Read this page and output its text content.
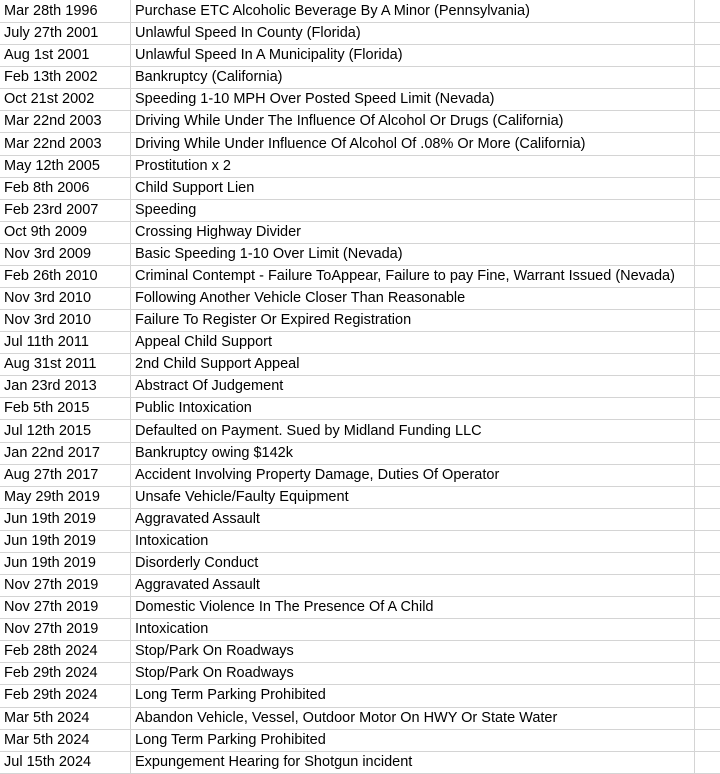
Mar 28th 1996	Purchase ETC Alcoholic Beverage By A Minor (Pennsylvania)	
July 27th 2001	Unlawful Speed In County (Florida)	
Aug 1st 2001	Unlawful Speed In A Municipality (Florida)	
Feb 13th 2002	Bankruptcy (California)	
Oct 21st 2002	Speeding 1-10 MPH Over Posted Speed Limit (Nevada)	
Mar 22nd 2003	Driving While Under The Influence Of Alcohol Or Drugs (California)	
Mar 22nd 2003	Driving While Under Influence Of Alcohol Of .08% Or More (California)	
May 12th 2005	Prostitution x 2	
Feb 8th 2006	Child Support Lien	
Feb 23rd 2007	Speeding	
Oct 9th 2009	Crossing Highway Divider	
Nov 3rd 2009	Basic Speeding 1-10 Over Limit (Nevada)	
Feb 26th 2010	Criminal Contempt - Failure ToAppear, Failure to pay Fine, Warrant Issued (Nevada)	
Nov 3rd 2010	Following Another Vehicle Closer Than Reasonable	
Nov 3rd 2010	Failure To Register Or Expired Registration	
Jul 11th 2011	Appeal Child Support	
Aug 31st 2011	2nd Child Support Appeal	
Jan 23rd 2013	Abstract Of Judgement	
Feb 5th 2015	Public Intoxication	
Jul 12th 2015	Defaulted on Payment. Sued by Midland Funding LLC	
Jan 22nd 2017	Bankruptcy owing $142k	
Aug 27th 2017	Accident Involving Property Damage, Duties Of Operator	
May 29th 2019	Unsafe Vehicle/Faulty Equipment	
Jun 19th 2019	Aggravated Assault	
Jun 19th 2019	Intoxication	
Jun 19th 2019	Disorderly Conduct	
Nov 27th 2019	Aggravated Assault	
Nov 27th 2019	Domestic Violence In The Presence Of A Child	
Nov 27th 2019	Intoxication	
Feb 28th 2024	Stop/Park On Roadways	
Feb 29th 2024	Stop/Park On Roadways	
Feb 29th 2024	Long Term Parking Prohibited	
Mar 5th 2024	Abandon Vehicle, Vessel, Outdoor Motor On HWY Or State Water	
Mar 5th 2024	Long Term Parking Prohibited	
Jul 15th 2024	Expungement Hearing for Shotgun incident	
